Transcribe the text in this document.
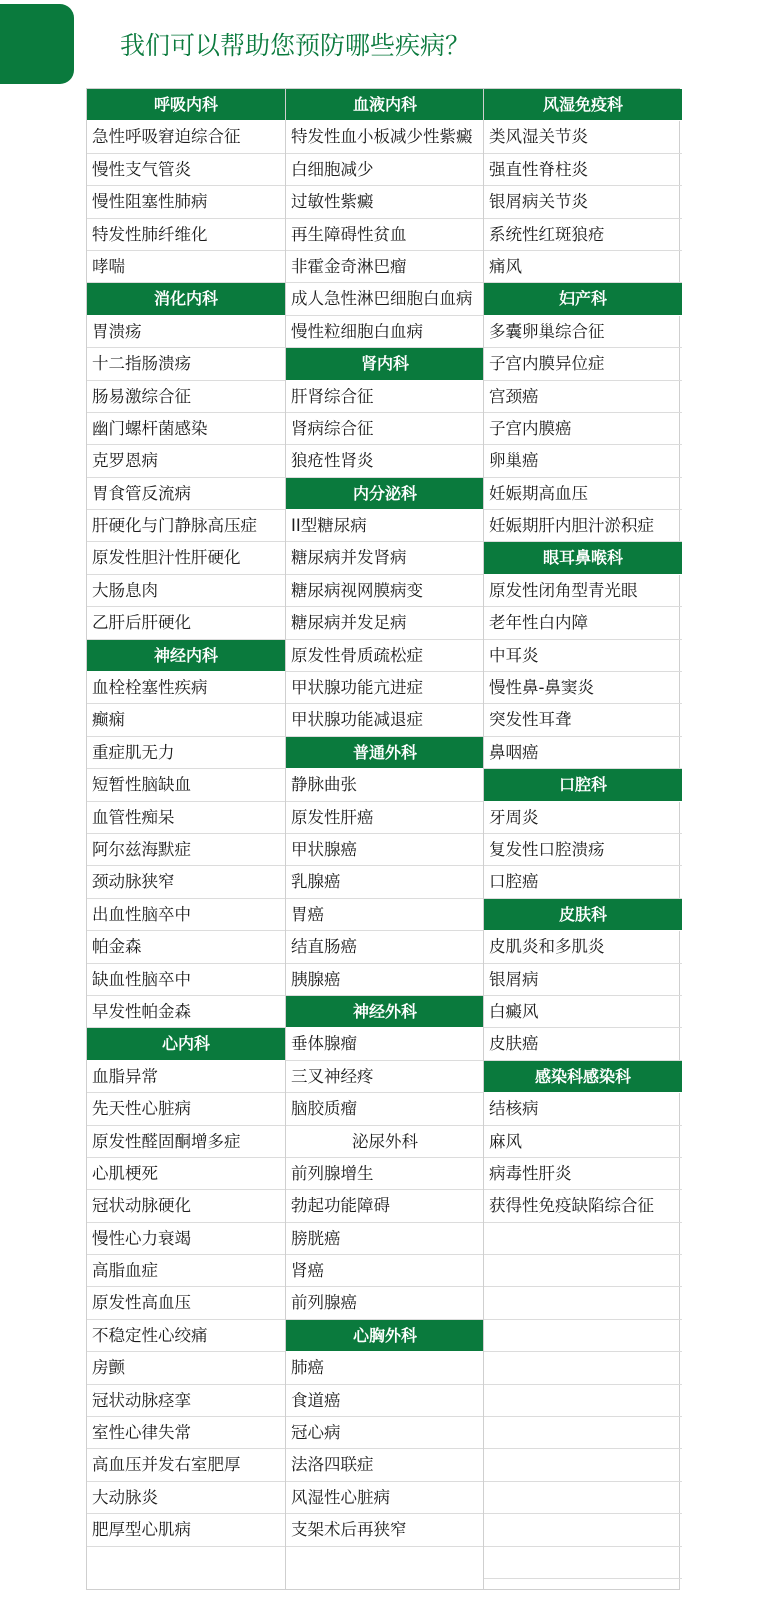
我们可以帮助您预防哪些疾病？
呼吸内科
急性呼吸窘迫综合征
慢性支气管炎
慢性阻塞性肺病
特发性肺纤维化
哮喘
消化内科
胃溃疡
十二指肠溃疡
肠易激综合征
幽门螺杆菌感染
克罗恩病
胃食管反流病
肝硬化与门静脉高压症
原发性胆汁性肝硬化
大肠息肉
乙肝后肝硬化
神经内科
血栓栓塞性疾病
癫痫
重症肌无力
短暂性脑缺血
血管性痴呆
阿尔兹海默症
颈动脉狭窄
出血性脑卒中
帕金森
缺血性脑卒中
早发性帕金森
心内科
血脂异常
先天性心脏病
原发性醛固酮增多症
心肌梗死
冠状动脉硬化
慢性心力衰竭
高脂血症
原发性高血压
不稳定性心绞痛
房颤
冠状动脉痉挛
室性心律失常
高血压并发右室肥厚
大动脉炎
肥厚型心肌病
血液内科
特发性血小板减少性紫癜
白细胞减少
过敏性紫癜
再生障碍性贫血
非霍金奇淋巴瘤
成人急性淋巴细胞白血病
慢性粒细胞白血病
肾内科
肝肾综合征
肾病综合征
狼疮性肾炎
内分泌科
II型糖尿病
糖尿病并发肾病
糖尿病视网膜病变
糖尿病并发足病
原发性骨质疏松症
甲状腺功能亢进症
甲状腺功能减退症
普通外科
静脉曲张
原发性肝癌
甲状腺癌
乳腺癌
胃癌
结直肠癌
胰腺癌
神经外科
垂体腺瘤
三叉神经疼
脑胶质瘤
泌尿外科
前列腺增生
勃起功能障碍
膀胱癌
肾癌
前列腺癌
心胸外科
肺癌
食道癌
冠心病
法洛四联症
风湿性心脏病
支架术后再狭窄
风湿免疫科
类风湿关节炎
强直性脊柱炎
银屑病关节炎
系统性红斑狼疮
痛风
妇产科
多囊卵巢综合征
子宫内膜异位症
宫颈癌
子宫内膜癌
卵巢癌
妊娠期高血压
妊娠期肝内胆汁淤积症
眼耳鼻喉科
原发性闭角型青光眼
老年性白内障
中耳炎
慢性鼻-鼻窦炎
突发性耳聋
鼻咽癌
口腔科
牙周炎
复发性口腔溃疡
口腔癌
皮肤科
皮肌炎和多肌炎
银屑病
白癜风
皮肤癌
感染科感染科
结核病
麻风
病毒性肝炎
获得性免疫缺陷综合征
